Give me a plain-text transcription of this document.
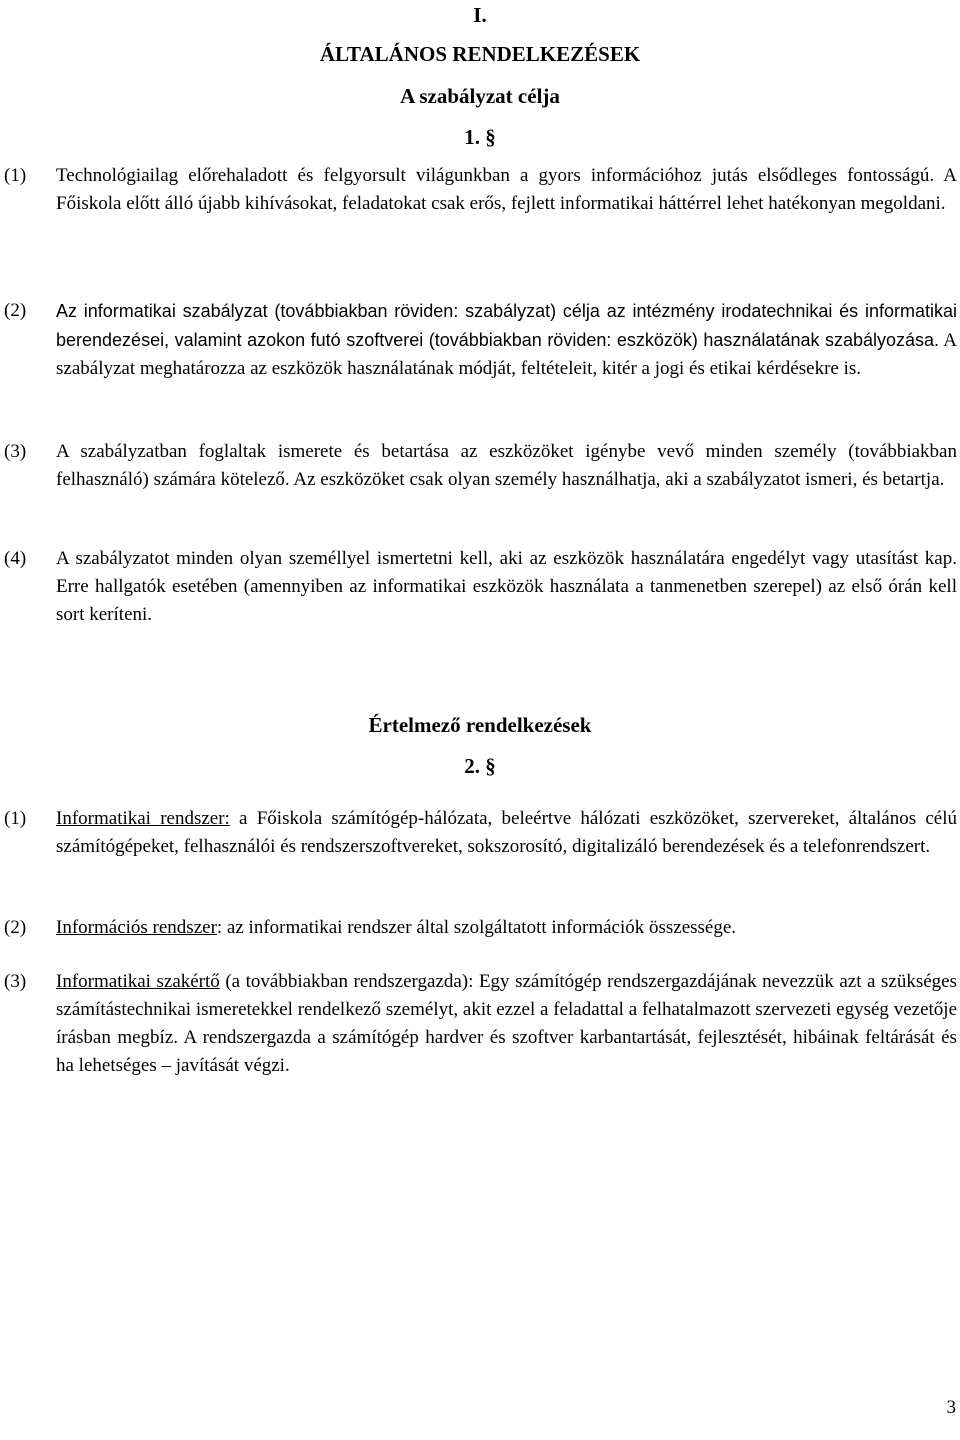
I.
ÁLTALÁNOS RENDELKEZÉSEK
A szabályzat célja
1. §
(1) Technológiailag előrehaladott és felgyorsult világunkban a gyors információhoz jutás elsődleges fontosságú. A Főiskola előtt álló újabb kihívásokat, feladatokat csak erős, fejlett informatikai háttérrel lehet hatékonyan megoldani.
(2) Az informatikai szabályzat (továbbiakban röviden: szabályzat) célja az intézmény irodatechnikai és informatikai berendezései, valamint azokon futó szoftverei (továbbiakban röviden: eszközök) használatának szabályozása. A szabályzat meghatározza az eszközök használatának módját, feltételeit, kitér a jogi és etikai kérdésekre is.
(3) A szabályzatban foglaltak ismerete és betartása az eszközöket igénybe vevő minden személy (továbbiakban felhasználó) számára kötelező. Az eszközöket csak olyan személy használhatja, aki a szabályzatot ismeri, és betartja.
(4) A szabályzatot minden olyan személlyel ismertetni kell, aki az eszközök használatára engedélyt vagy utasítást kap. Erre hallgatók esetében (amennyiben az informatikai eszközök használata a tanmenetben szerepel) az első órán kell sort keríteni.
Értelmező rendelkezések
2. §
(1) Informatikai rendszer: a Főiskola számítógép-hálózata, beleértve hálózati eszközöket, szervereket, általános célú számítógépeket, felhasználói és rendszerszoftvereket, sokszorosító, digitalizáló berendezések és a telefonrendszert.
(2) Információs rendszer: az informatikai rendszer által szolgáltatott információk összessége.
(3) Informatikai szakértő (a továbbiakban rendszergazda): Egy számítógép rendszergazdájának nevezzük azt a szükséges számítástechnikai ismeretekkel rendelkező személyt, akit ezzel a feladattal a felhatalmazott szervezeti egység vezetője írásban megbíz. A rendszergazda a számítógép hardver és szoftver karbantartását, fejlesztését, hibáinak feltárását és ha lehetséges – javítását végzi.
3
